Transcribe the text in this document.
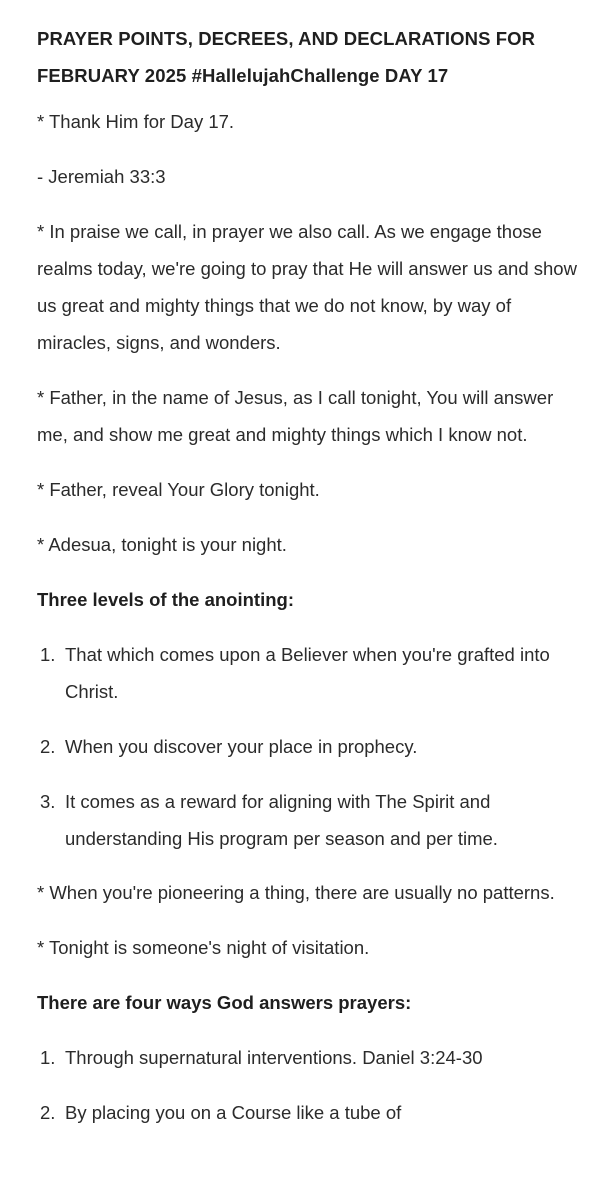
PRAYER POINTS, DECREES, AND DECLARATIONS FOR FEBRUARY 2025 #HallelujahChallenge DAY 17

* Thank Him for Day 17.

- Jeremiah 33:3

* In praise we call, in prayer we also call. As we engage those realms today, we're going to pray that He will answer us and show us great and mighty things that we do not know, by way of miracles, signs, and wonders.

* Father, in the name of Jesus, as I call tonight, You will answer me, and show me great and mighty things which I know not.

* Father, reveal Your Glory tonight.

* Adesua, tonight is your night.

Three levels of the anointing:

1. That which comes upon a Believer when you're grafted into Christ.
2. When you discover your place in prophecy.
3. It comes as a reward for aligning with The Spirit and understanding His program per season and per time.

* When you're pioneering a thing, there are usually no patterns.

* Tonight is someone's night of visitation.

There are four ways God answers prayers:

1. Through supernatural interventions. Daniel 3:24-30
2. By placing you on a Course like a tube of
